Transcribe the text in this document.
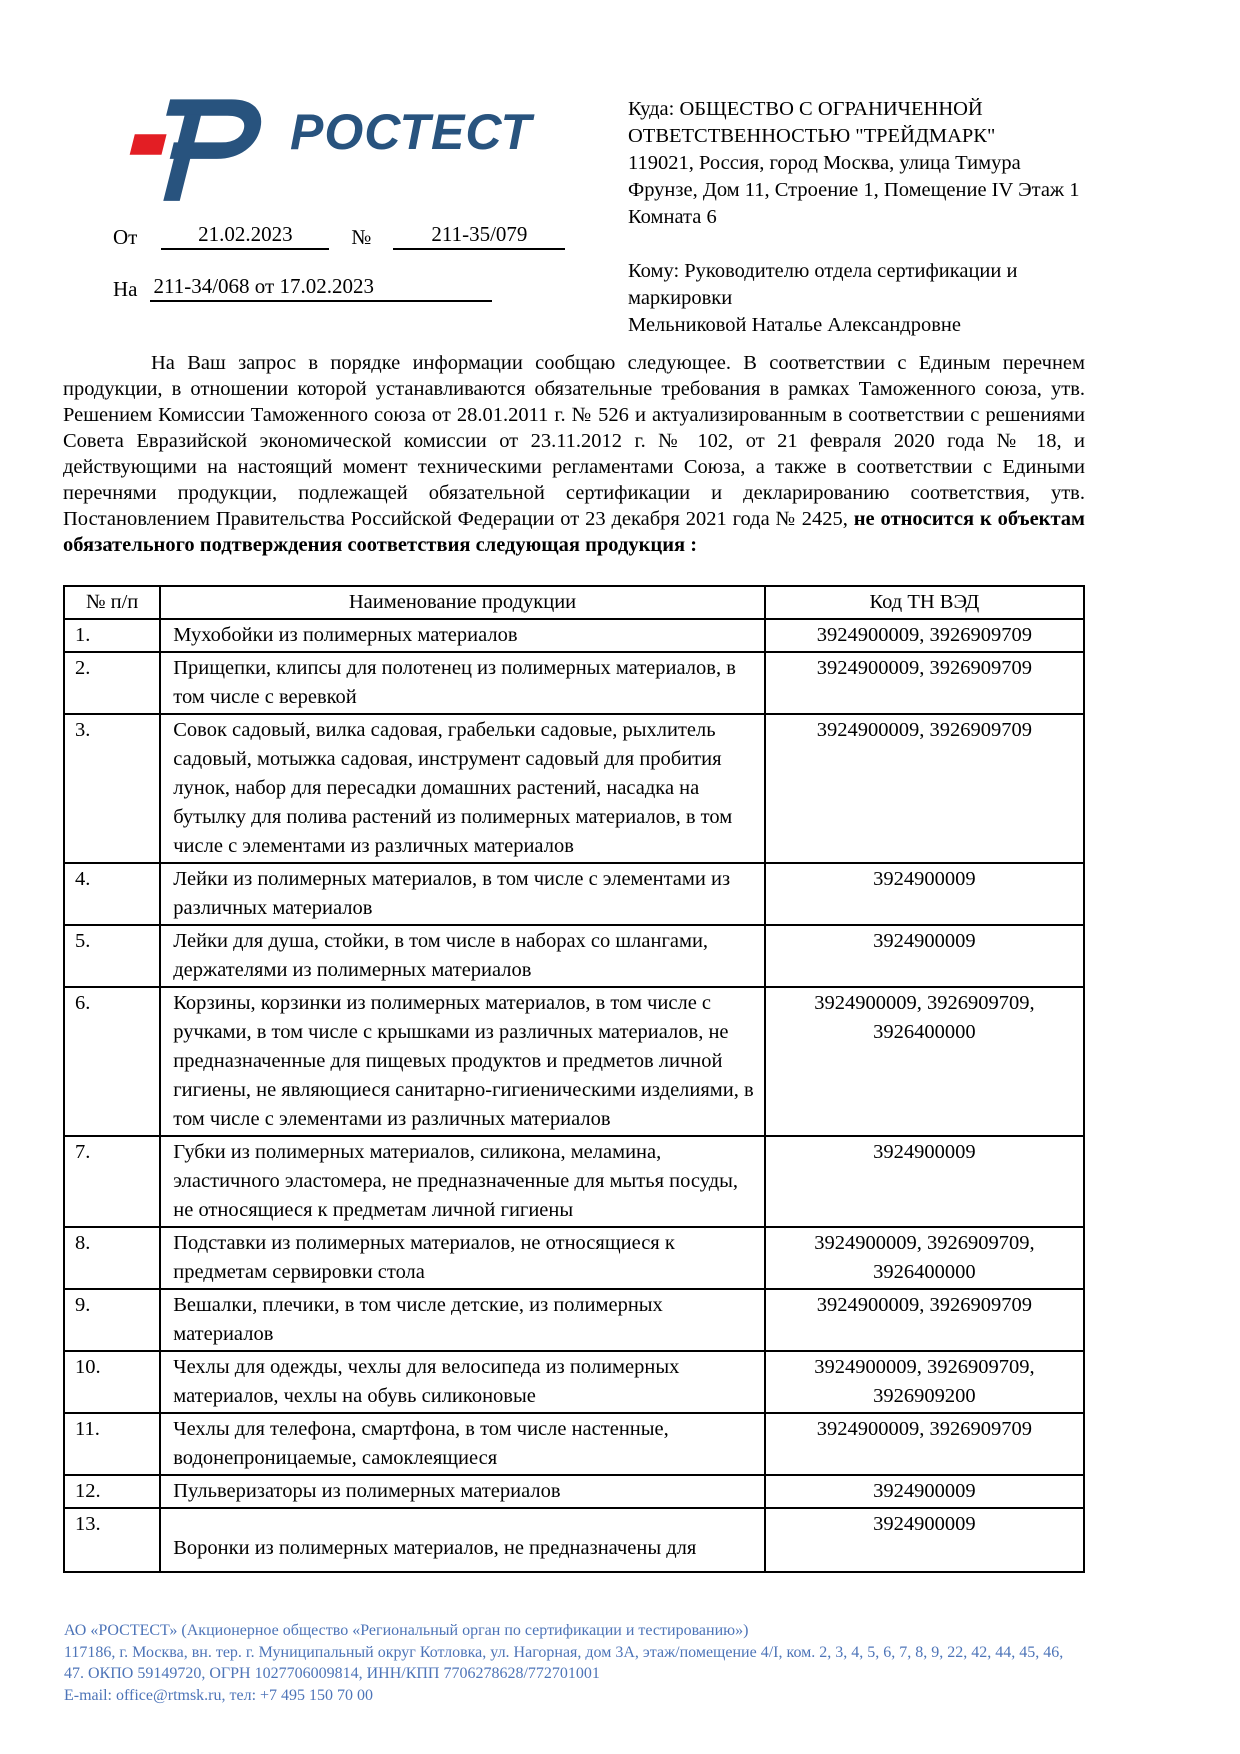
РОСТЕСТ
От	21.02.2023	№	211-35/079
На 211-34/068 от 17.02.2023

Куда: ОБЩЕСТВО С ОГРАНИЧЕННОЙ ОТВЕТСТВЕННОСТЬЮ "ТРЕЙДМАРК"

119021, Россия, город Москва, улица Тимура Фрунзе, Дом 11, Строение 1, Помещение IV Этаж 1 Комната 6

Кому: Руководителю отдела сертификации и маркировки

Мельниковой Наталье Александровне

На Ваш запрос в порядке информации сообщаю следующее. В соответствии с Единым перечнем продукции, в отношении которой устанавливаются обязательные требования в рамках Таможенного союза, утв. Решением Комиссии Таможенного союза от 28.01.2011 г. № 526 и актуализированным в соответствии с решениями Совета Евразийской экономической комиссии от 23.11.2012 г. № 102, от 21 февраля 2020 года № 18, и действующими на настоящий момент техническими регламентами Союза, а также в соответствии с Едиными перечнями продукции, подлежащей обязательной сертификации и декларированию соответствия, утв. Постановлением Правительства Российской Федерации от 23 декабря 2021 года № 2425, не относится к объектам обязательного подтверждения соответствия следующая продукция :

№ п/п	Наименование продукции	Код ТН ВЭД
1.	Мухобойки из полимерных материалов	3924900009, 3926909709
2.	Прищепки, клипсы для полотенец из полимерных материалов, в том числе с веревкой	3924900009, 3926909709
3.	Совок садовый, вилка садовая, грабельки садовые, рыхлитель садовый, мотыжка садовая, инструмент садовый для пробития лунок, набор для пересадки домашних растений, насадка на бутылку для полива растений из полимерных материалов, в том числе с элементами из различных материалов	3924900009, 3926909709
4.	Лейки из полимерных материалов, в том числе с элементами из различных материалов	3924900009
5.	Лейки для душа, стойки, в том числе в наборах со шлангами, держателями из полимерных материалов	3924900009
6.	Корзины, корзинки из полимерных материалов, в том числе с ручками, в том числе с крышками из различных материалов, не предназначенные для пищевых продуктов и предметов личной гигиены, не являющиеся санитарно-гигиеническими изделиями, в том числе с элементами из различных материалов	3924900009, 3926909709, 3926400000
7.	Губки из полимерных материалов, силикона, меламина, эластичного эластомера, не предназначенные для мытья посуды, не относящиеся к предметам личной гигиены	3924900009
8.	Подставки из полимерных материалов, не относящиеся к предметам сервировки стола	3924900009, 3926909709, 3926400000
9.	Вешалки, плечики, в том числе детские, из полимерных материалов	3924900009, 3926909709
10.	Чехлы для одежды, чехлы для велосипеда из полимерных материалов, чехлы на обувь силиконовые	3924900009, 3926909709, 3926909200
11.	Чехлы для телефона, смартфона, в том числе настенные, водонепроницаемые, самоклеящиеся	3924900009, 3926909709
12.	Пульверизаторы из полимерных материалов	3924900009
13.	Воронки из полимерных материалов, не предназначены для	3924900009
АО «РОСТЕСТ» (Акционерное общество «Региональный орган по сертификации и тестированию»)
117186, г. Москва, вн. тер. г. Муниципальный округ Котловка, ул. Нагорная, дом 3А, этаж/помещение 4/I, ком. 2, 3, 4, 5, 6, 7, 8, 9, 22, 42, 44, 45, 46,
47. ОКПО 59149720, ОГРН 1027706009814, ИНН/КПП 7706278628/772701001
E-mail: office@rtmsk.ru, тел: +7 495 150 70 00
